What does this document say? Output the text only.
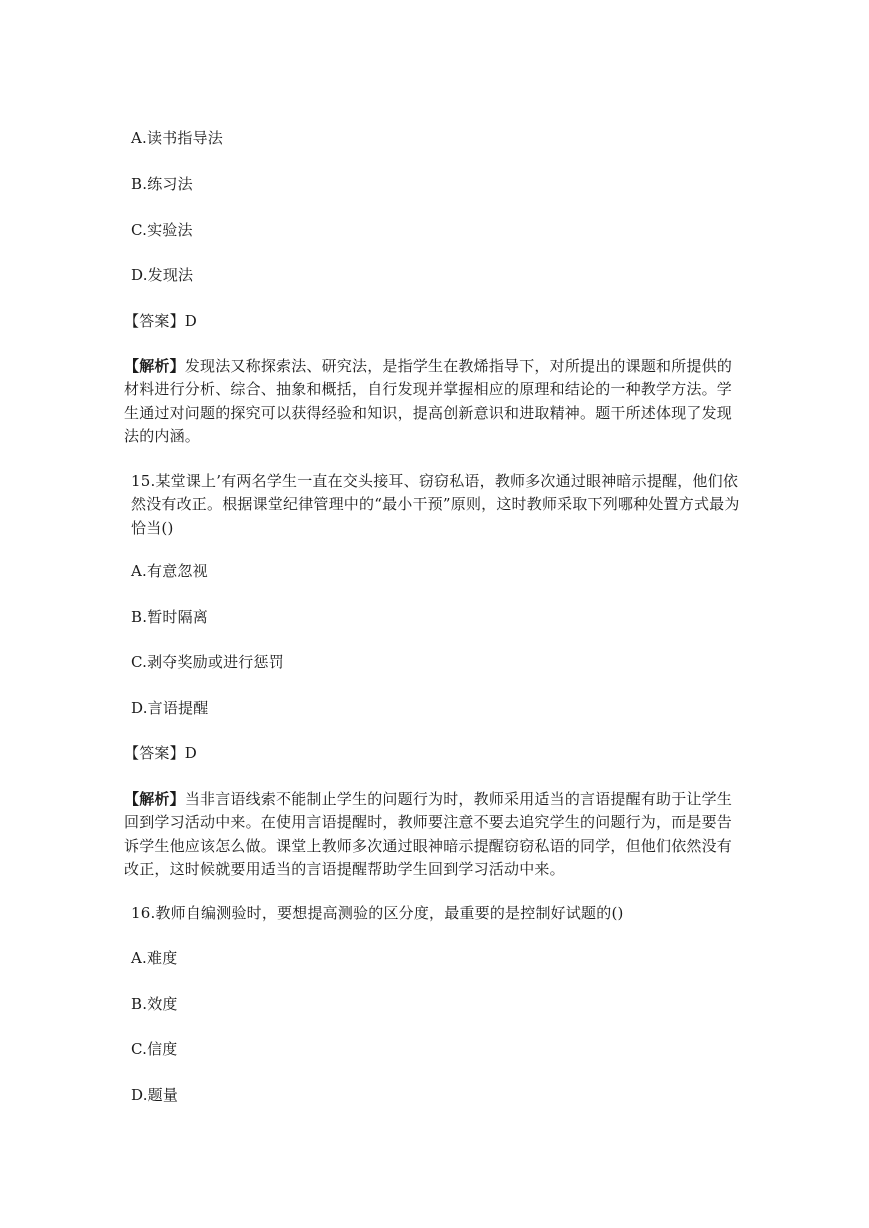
A.读书指导法
B.练习法
C.实验法
D.发现法
【答案】D
【解析】发现法又称探索法、研究法，是指学生在教烯指导下，对所提出的课题和所提供的材料进行分析、综合、抽象和概括，自行发现并掌握相应的原理和结论的一种教学方法。学生通过对问题的探究可以获得经验和知识，提高创新意识和进取精神。题干所述体现了发现法的内涵。
15.某堂课上’有两名学生一直在交头接耳、窃窃私语，教师多次通过眼神暗示提醒，他们依然没有改正。根据课堂纪律管理中的“最小干预”原则，这时教师采取下列哪种处置方式最为恰当()
A.有意忽视
B.暂时隔离
C.剥夺奖励或进行惩罚
D.言语提醒
【答案】D
【解析】当非言语线索不能制止学生的问题行为时，教师采用适当的言语提醒有助于让学生回到学习活动中来。在使用言语提醒时，教师要注意不要去追究学生的问题行为，而是要告诉学生他应该怎么做。课堂上教师多次通过眼神暗示提醒窃窃私语的同学，但他们依然没有改正，这时候就要用适当的言语提醒帮助学生回到学习活动中来。
16.教师自编测验时，要想提高测验的区分度，最重要的是控制好试题的()
A.难度
B.效度
C.信度
D.题量
